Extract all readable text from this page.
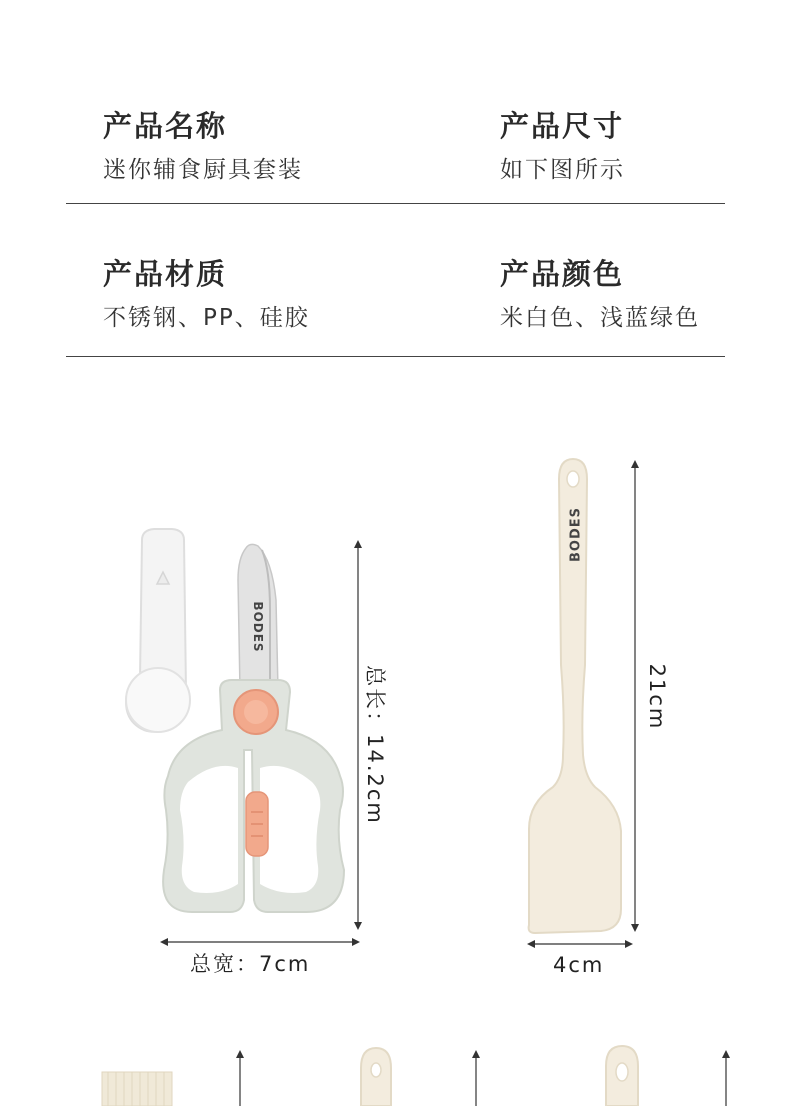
产品名称
迷你辅食厨具套装
产品尺寸
如下图所示
产品材质
不锈钢、PP、硅胶
产品颜色
米白色、浅蓝绿色
BODES
总长：14.2cm
总宽：7cm
BODES
21cm
4cm
